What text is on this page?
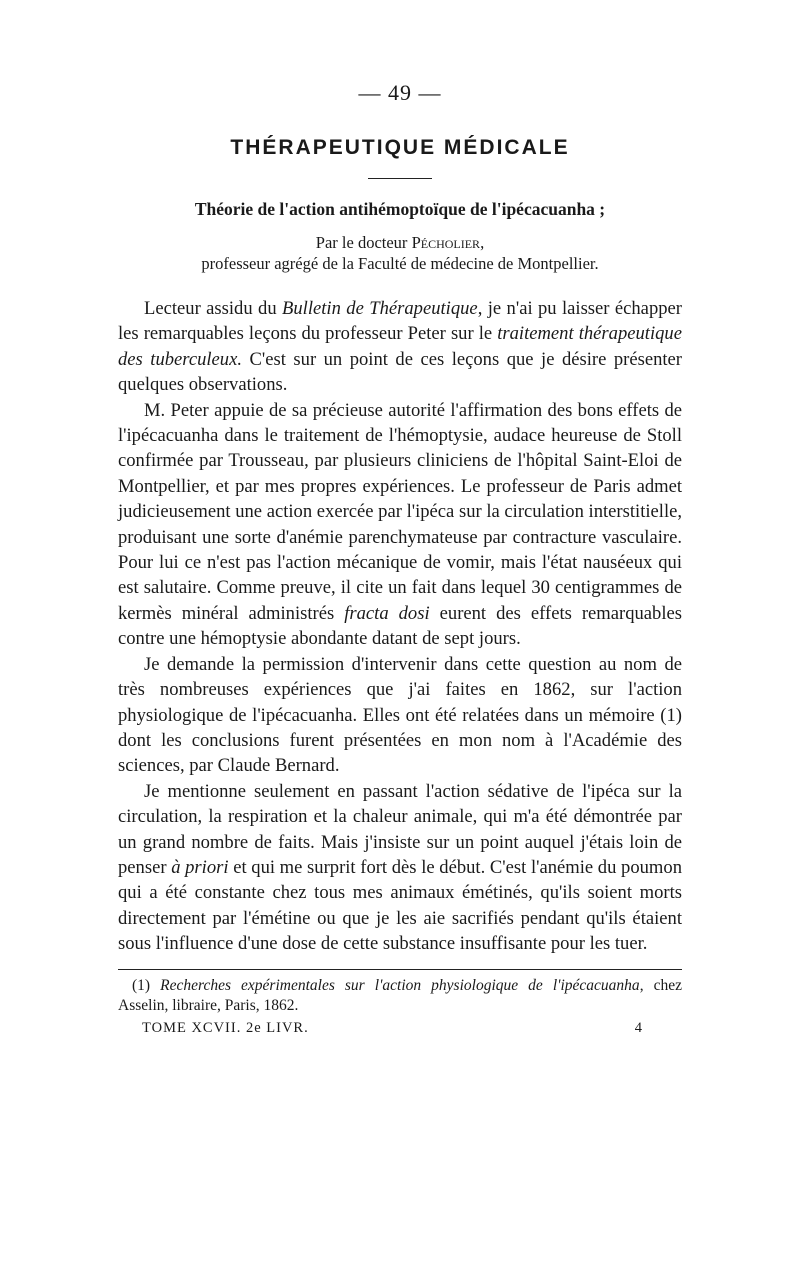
— 49 —
THÉRAPEUTIQUE MÉDICALE
Théorie de l'action antihémoptoïque de l'ipécacuanha ;
Par le docteur Pécholier,
professeur agrégé de la Faculté de médecine de Montpellier.

Lecteur assidu du Bulletin de Thérapeutique, je n'ai pu laisser échapper les remarquables leçons du professeur Peter sur le traitement thérapeutique des tuberculeux. C'est sur un point de ces leçons que je désire présenter quelques observations.

M. Peter appuie de sa précieuse autorité l'affirmation des bons effets de l'ipécacuanha dans le traitement de l'hémoptysie, audace heureuse de Stoll confirmée par Trousseau, par plusieurs cliniciens de l'hôpital Saint-Eloi de Montpellier, et par mes propres expériences. Le professeur de Paris admet judicieusement une action exercée par l'ipéca sur la circulation interstitielle, produisant une sorte d'anémie parenchymateuse par contracture vasculaire. Pour lui ce n'est pas l'action mécanique de vomir, mais l'état nauséeux qui est salutaire. Comme preuve, il cite un fait dans lequel 30 centigrammes de kermès minéral administrés fracta dosi eurent des effets remarquables contre une hémoptysie abondante datant de sept jours.

Je demande la permission d'intervenir dans cette question au nom de très nombreuses expériences que j'ai faites en 1862, sur l'action physiologique de l'ipécacuanha. Elles ont été relatées dans un mémoire (1) dont les conclusions furent présentées en mon nom à l'Académie des sciences, par Claude Bernard.

Je mentionne seulement en passant l'action sédative de l'ipéca sur la circulation, la respiration et la chaleur animale, qui m'a été démontrée par un grand nombre de faits. Mais j'insiste sur un point auquel j'étais loin de penser à priori et qui me surprit fort dès le début. C'est l'anémie du poumon qui a été constante chez tous mes animaux émétinés, qu'ils soient morts directement par l'émétine ou que je les aie sacrifiés pendant qu'ils étaient sous l'influence d'une dose de cette substance insuffisante pour les tuer.

(1) Recherches expérimentales sur l'action physiologique de l'ipécacuanha, chez Asselin, libraire, Paris, 1862.

TOME XCVII. 2e LIVR.	4
